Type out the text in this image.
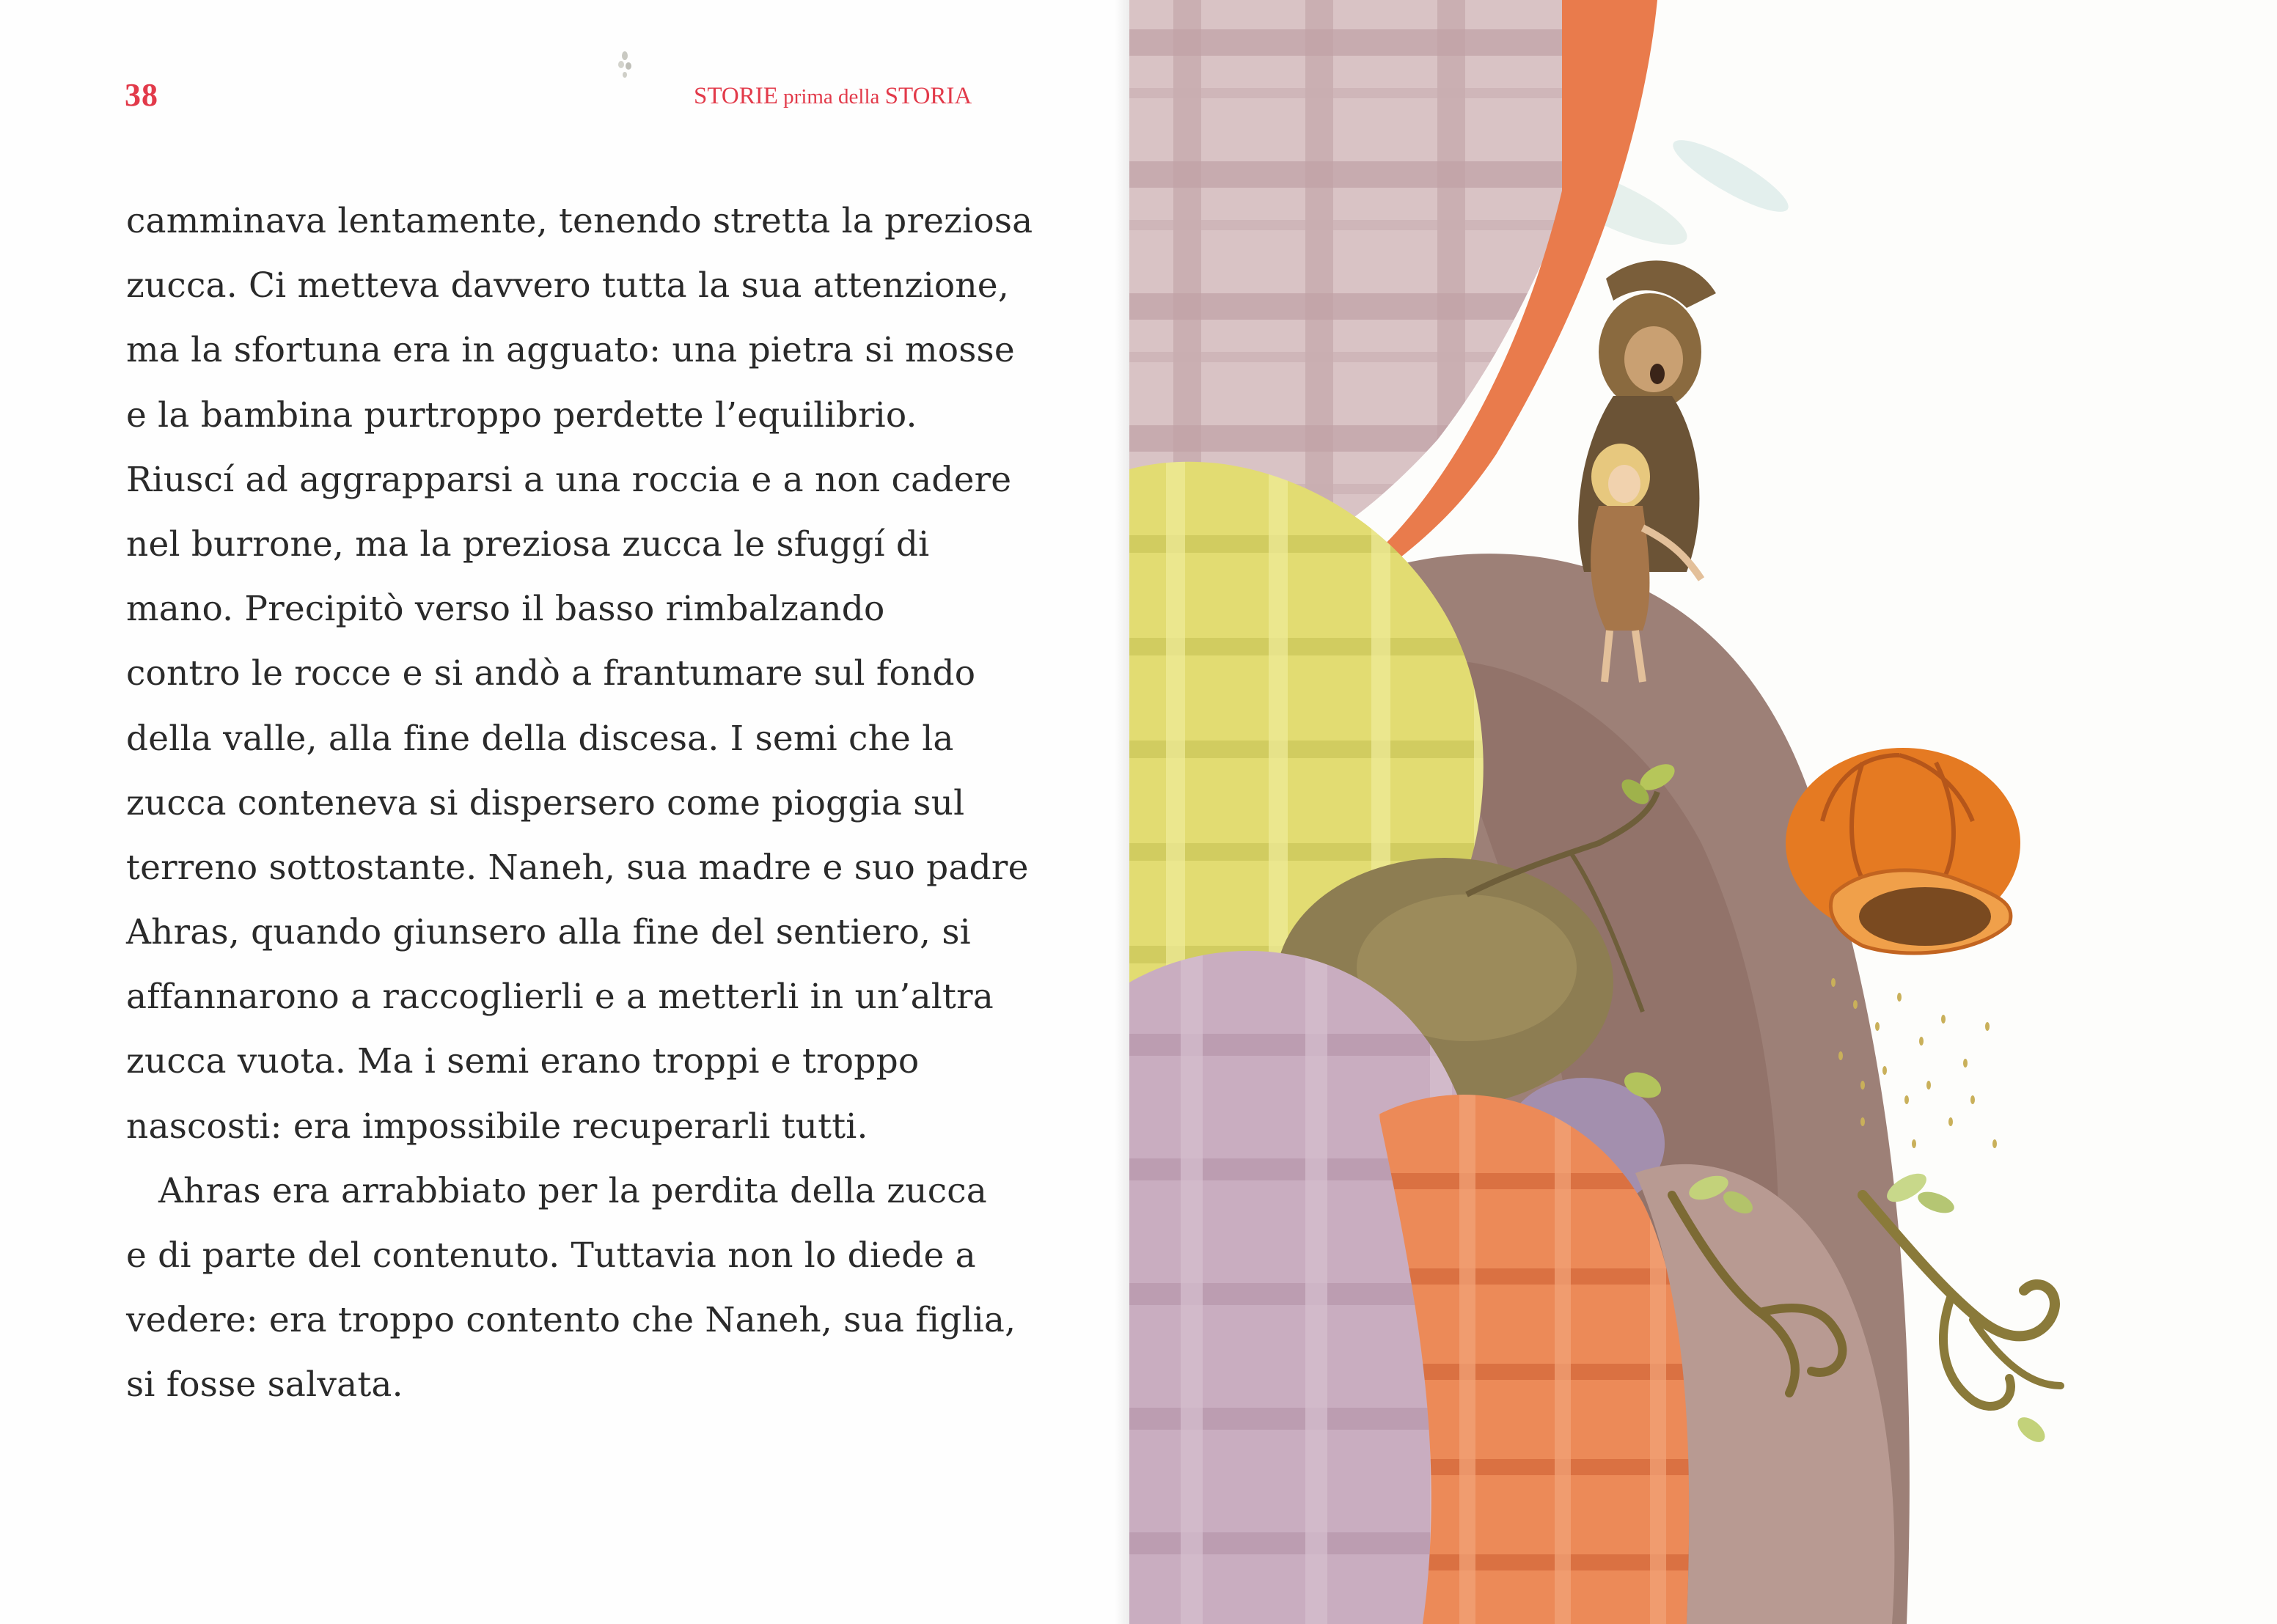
38	STORIE prima della STORIA
camminava lentamente, tenendo stretta la preziosa
zucca. Ci metteva davvero tutta la sua attenzione,
ma la sfortuna era in agguato: una pietra si mosse
e la bambina purtroppo perdette l’equilibrio.
Riuscí ad aggrapparsi a una roccia e a non cadere
nel burrone, ma la preziosa zucca le sfuggí di
mano. Precipitò verso il basso rimbalzando
contro le rocce e si andò a frantumare sul fondo
della valle, alla fine della discesa. I semi che la
zucca conteneva si dispersero come pioggia sul
terreno sottostante. Naneh, sua madre e suo padre
Ahras, quando giunsero alla fine del sentiero, si
affannarono a raccoglierli e a metterli in un’altra
zucca vuota. Ma i semi erano troppi e troppo
nascosti: era impossibile recuperarli tutti.
Ahras era arrabbiato per la perdita della zucca
e di parte del contenuto. Tuttavia non lo diede a
vedere: era troppo contento che Naneh, sua figlia,
si fosse salvata.
